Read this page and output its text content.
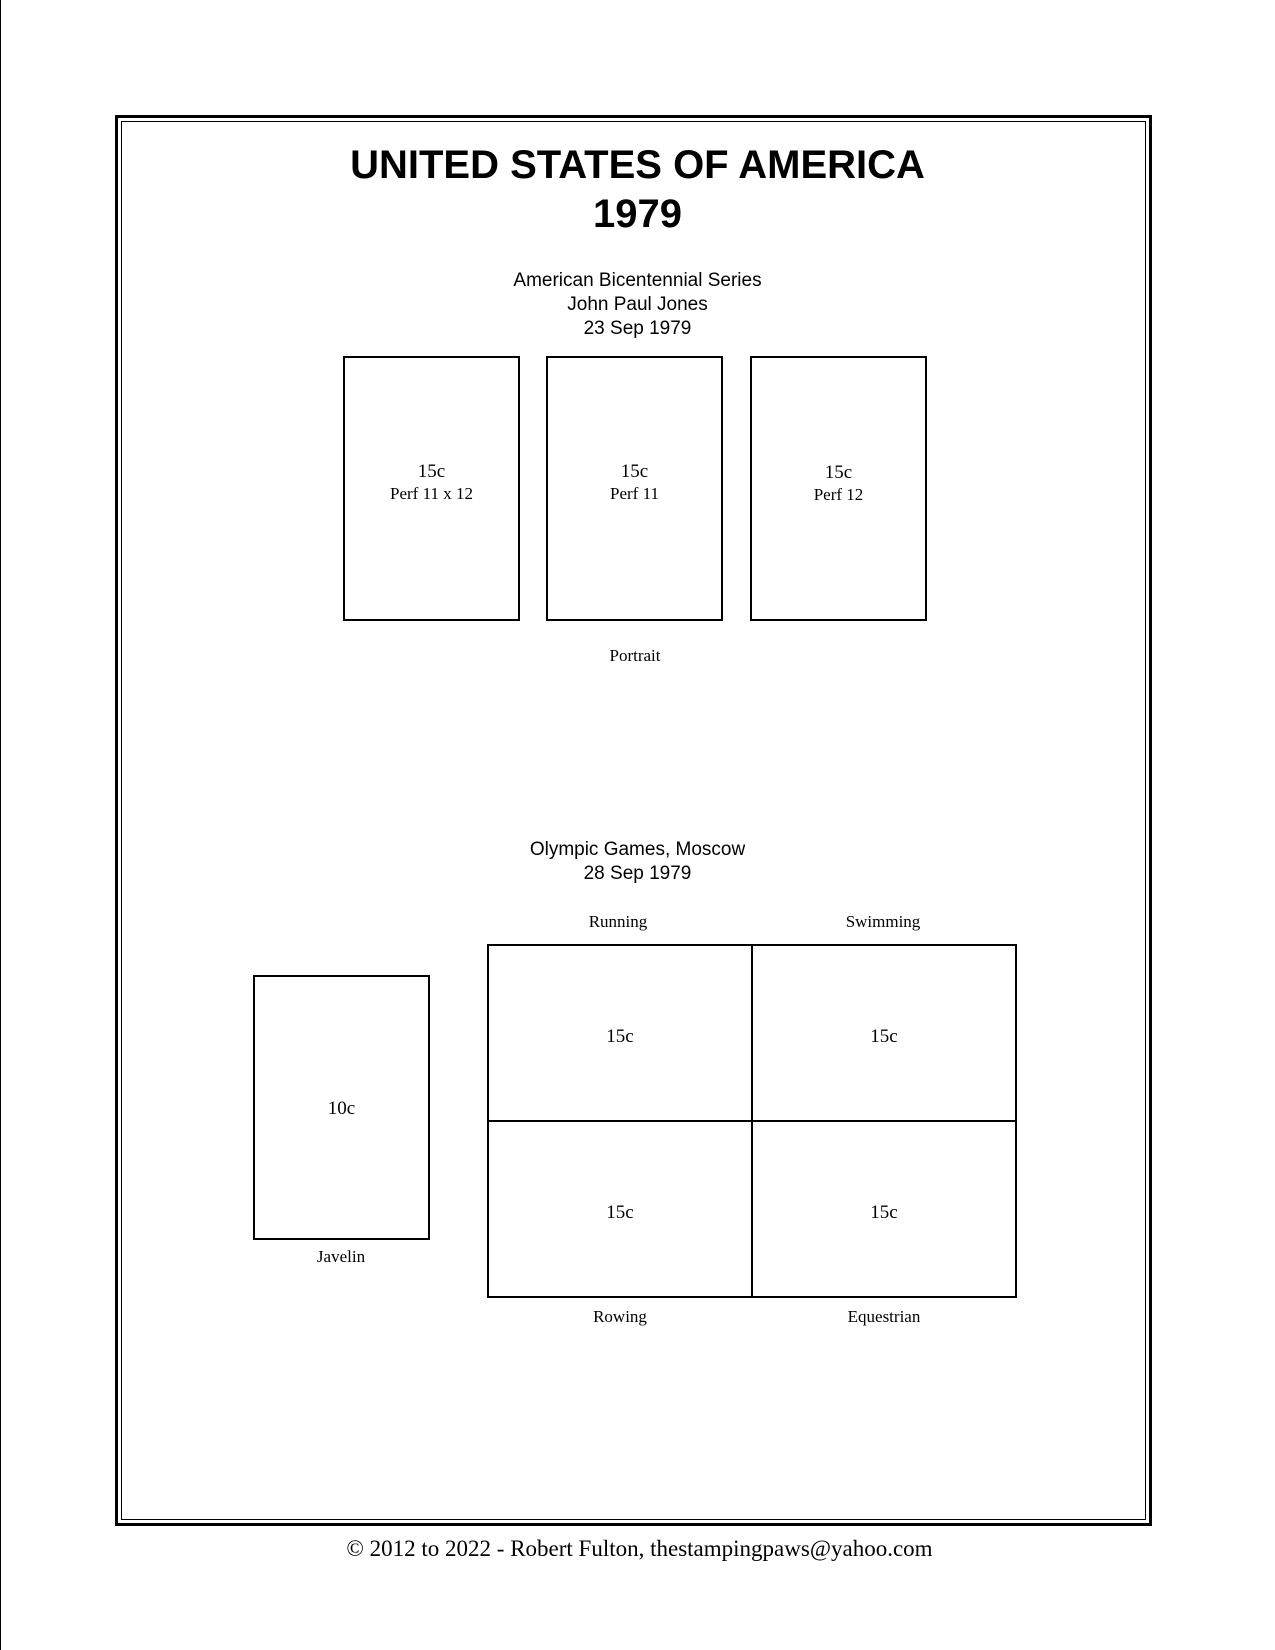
UNITED STATES OF AMERICA
1979
American Bicentennial Series
John Paul Jones
23 Sep 1979
15c
Perf 11 x 12
15c
Perf 11
15c
Perf 12
Portrait
Olympic Games, Moscow
28 Sep 1979
10c
Javelin
Running	Swimming
15c	15c
15c	15c
Rowing	Equestrian
© 2012 to 2022 - Robert Fulton, thestampingpaws@yahoo.com
